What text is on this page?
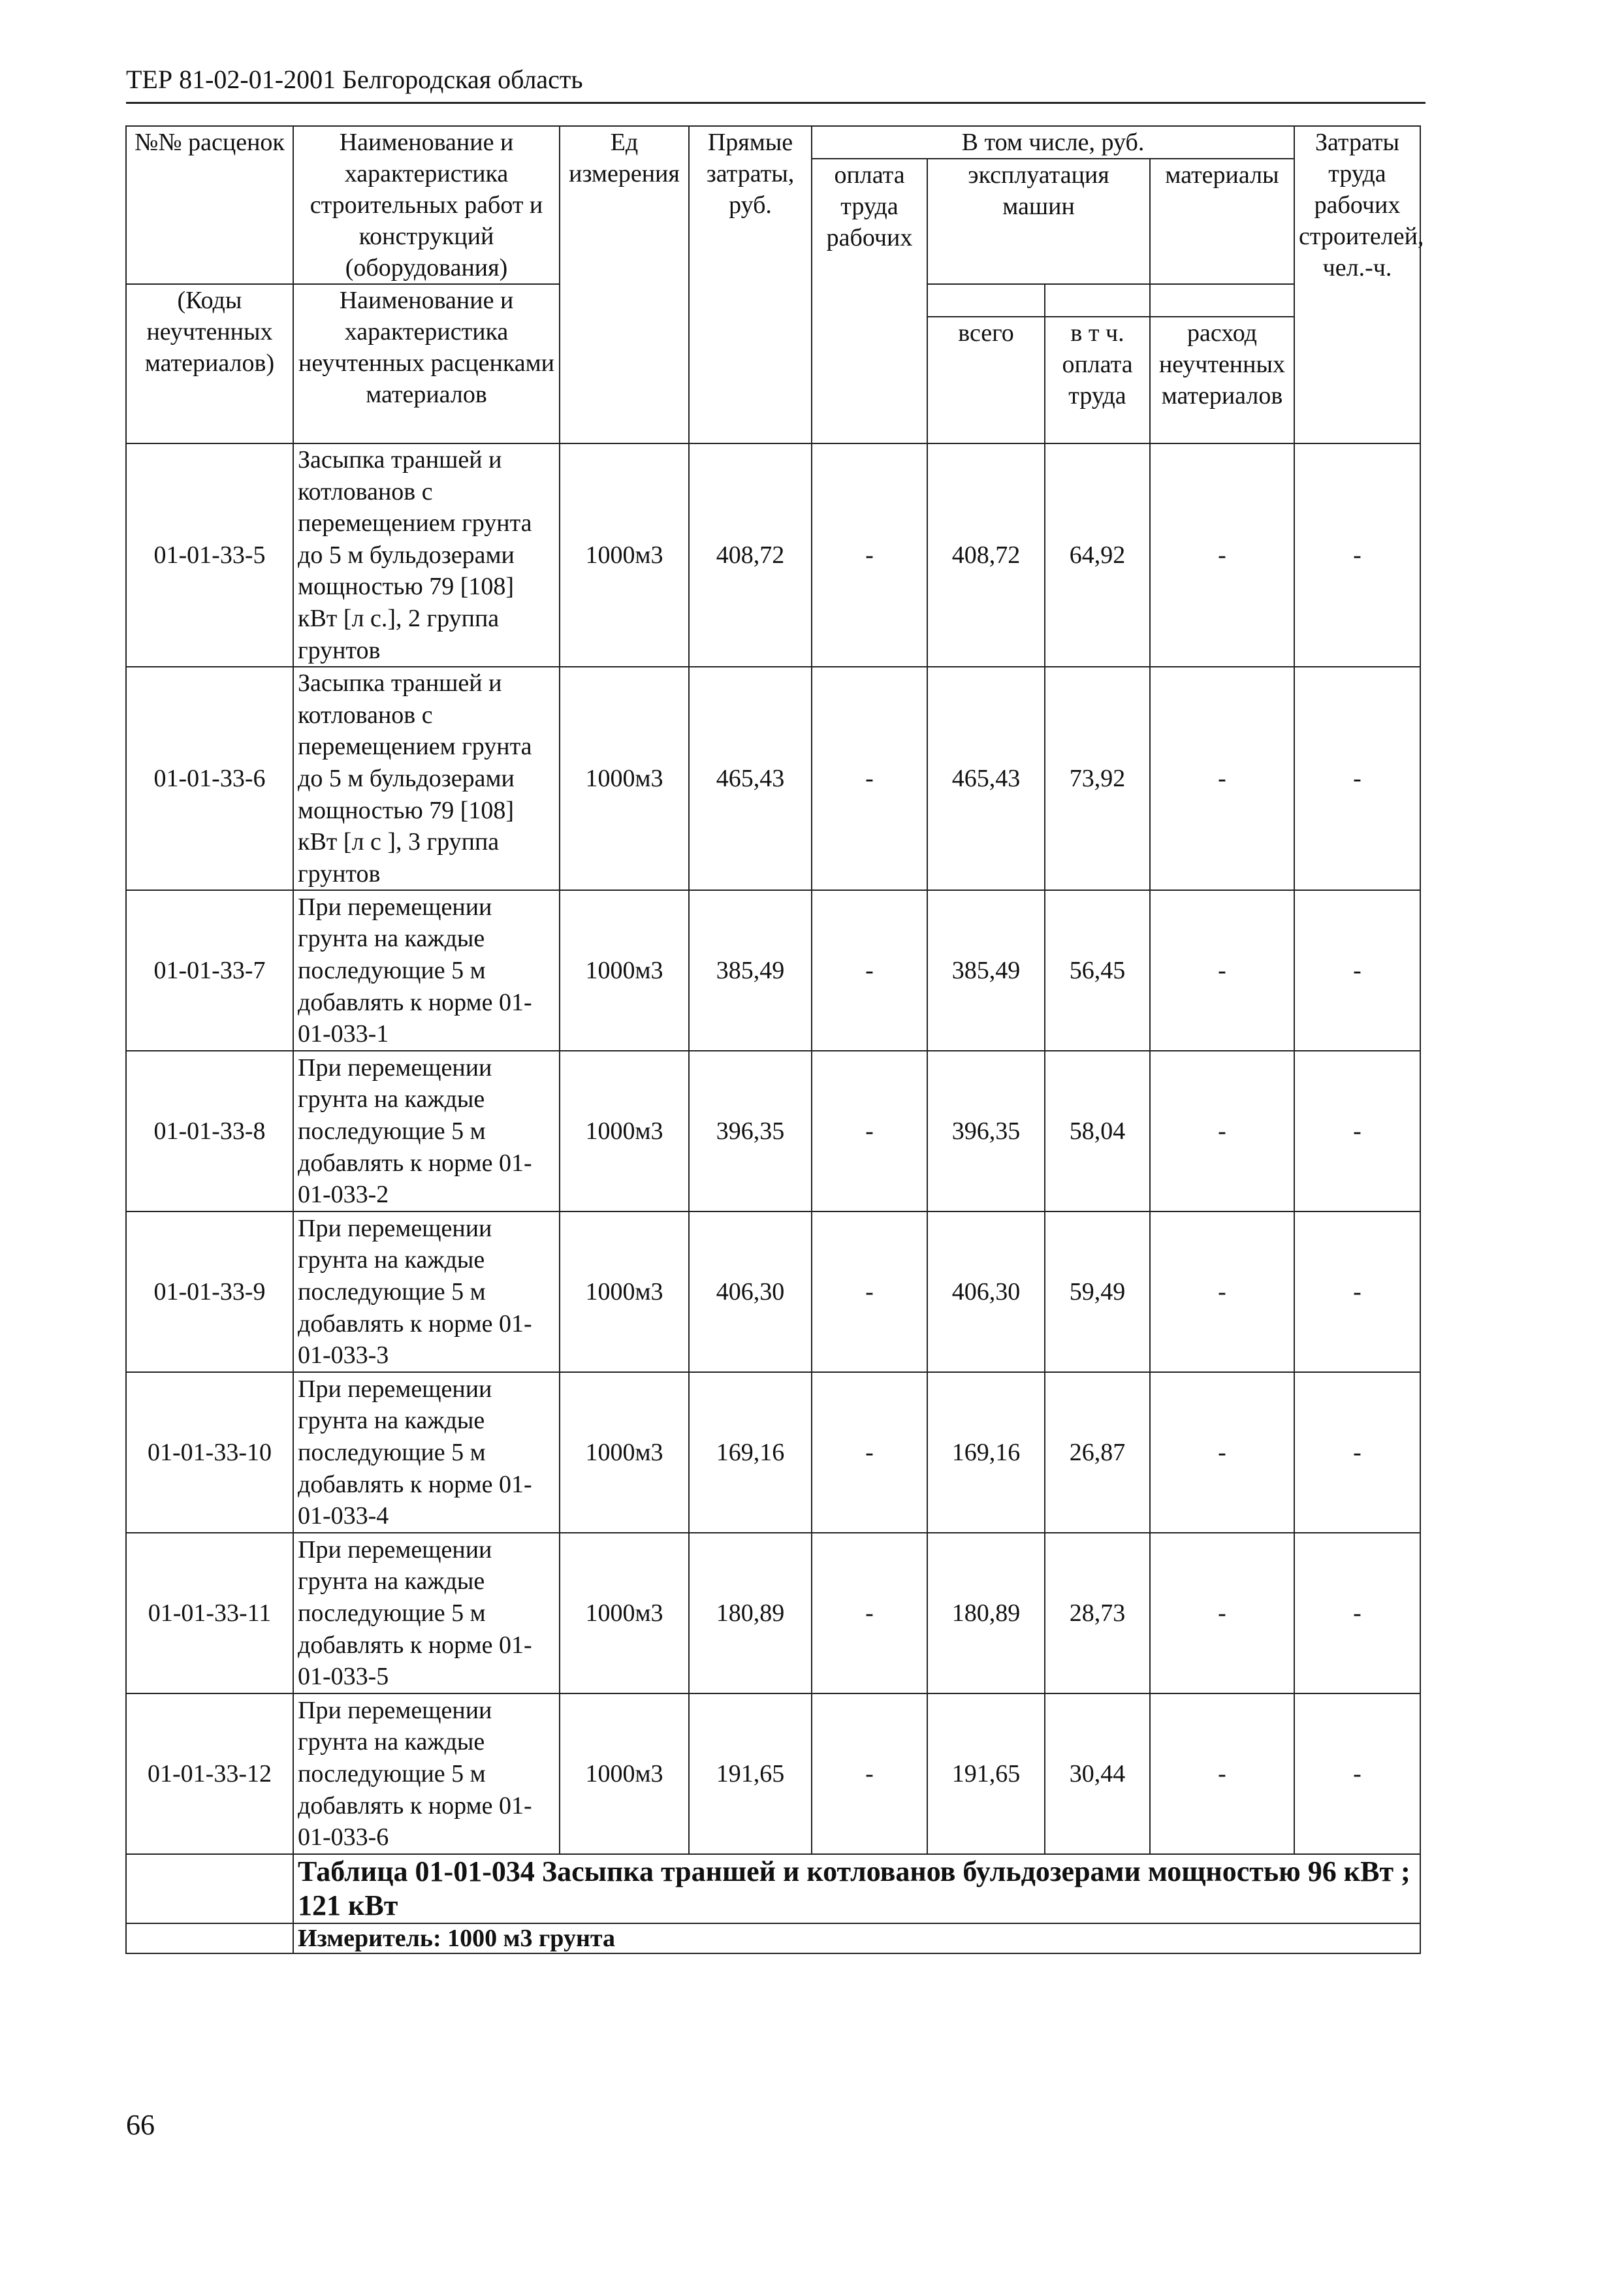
ТЕР 81-02-01-2001 Белгородская область
№№ расценок	Наименование и характеристика строительных работ и конструкций (оборудования)	Ед измерения	Прямые затраты, руб.	В том числе, руб.				Затраты труда рабочих строителей, чел.-ч.
				оплата труда рабочих	эксплуатация машин		материалы	
(Коды неучтенных материалов)	Наименование и характеристика неучтенных расценками материалов							
					всего	в т ч. оплата труда	расход неучтенных материалов	
01-01-33-5	Засыпка траншей и котлованов с перемещением грунта до 5 м бульдозерами мощностью 79 [108] кВт [л с.], 2 группа грунтов	1000м3	408,72	-	408,72	64,92	-	-
01-01-33-6	Засыпка траншей и котлованов с перемещением грунта до 5 м бульдозерами мощностью 79 [108] кВт [л с ], 3 группа грунтов	1000м3	465,43	-	465,43	73,92	-	-
01-01-33-7	При перемещении грунта на каждые последующие 5 м добавлять к норме 01-01-033-1	1000м3	385,49	-	385,49	56,45	-	-
01-01-33-8	При перемещении грунта на каждые последующие 5 м добавлять к норме 01-01-033-2	1000м3	396,35	-	396,35	58,04	-	-
01-01-33-9	При перемещении грунта на каждые последующие 5 м добавлять к норме 01-01-033-3	1000м3	406,30	-	406,30	59,49	-	-
01-01-33-10	При перемещении грунта на каждые последующие 5 м добавлять к норме 01-01-033-4	1000м3	169,16	-	169,16	26,87	-	-
01-01-33-11	При перемещении грунта на каждые последующие 5 м добавлять к норме 01-01-033-5	1000м3	180,89	-	180,89	28,73	-	-
01-01-33-12	При перемещении грунта на каждые последующие 5 м добавлять к норме 01-01-033-6	1000м3	191,65	-	191,65	30,44	-	-
	Таблица 01-01-034 Засыпка траншей и котлованов бульдозерами мощностью 96 кВт ; 121 кВт							
	Измеритель: 1000 м3 грунта							
66
